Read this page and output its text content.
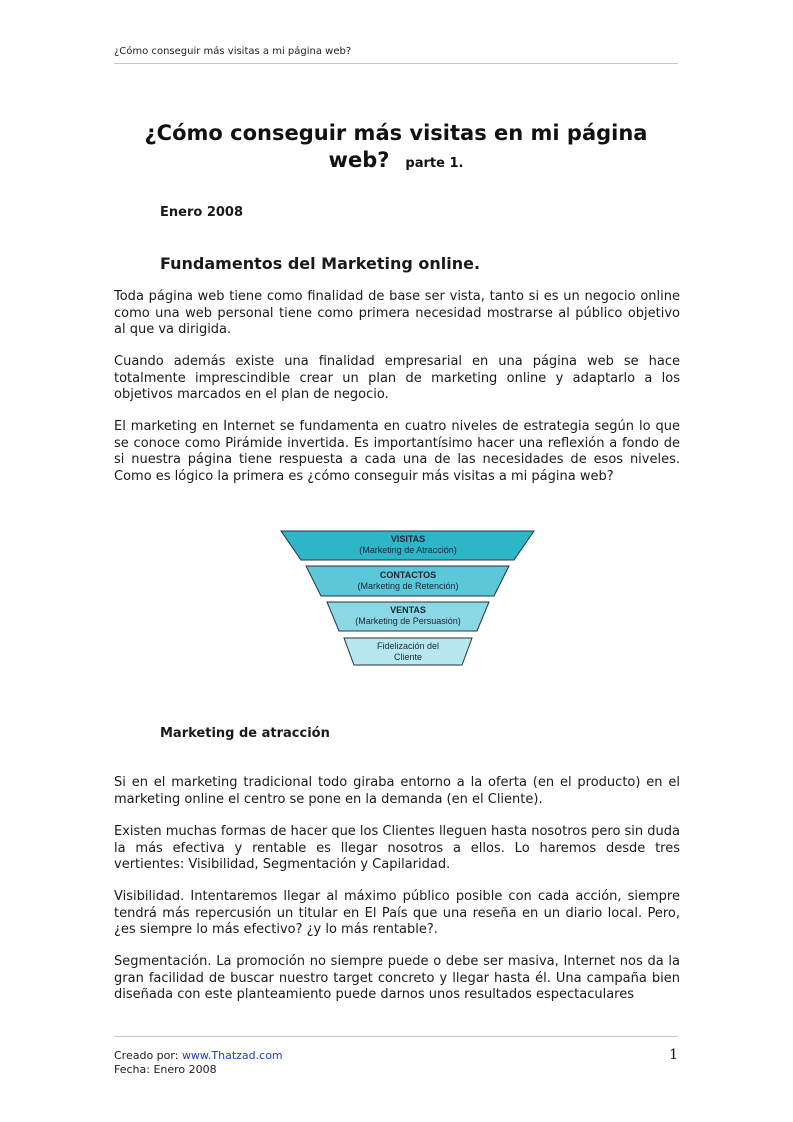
¿Cómo conseguir más visitas a mi página web?
¿Cómo conseguir más visitas en mi página
web? parte 1.
Enero 2008
Fundamentos del Marketing online.

Toda página web tiene como finalidad de base ser vista, tanto si es un negocio online como una web personal tiene como primera necesidad mostrarse al público objetivo al que va dirigida.

Cuando además existe una finalidad empresarial en una página web se hace totalmente imprescindible crear un plan de marketing online y adaptarlo a los objetivos marcados en el plan de negocio.

El marketing en Internet se fundamenta en cuatro niveles de estrategia según lo que se conoce como Pirámide invertida. Es importantísimo hacer una reflexión a fondo de si nuestra página tiene respuesta a cada una de las necesidades de esos niveles. Como es lógico la primera es ¿cómo conseguir más visitas a mi página web?

VISITAS
(Marketing de Atracción)
CONTACTOS
(Marketing de Retención)
VENTAS
(Marketing de Persuasión)
Fidelización del
Cliente
Marketing de atracción

Si en el marketing tradicional todo giraba entorno a la oferta (en el producto) en el marketing online el centro se pone en la demanda (en el Cliente).

Existen muchas formas de hacer que los Clientes lleguen hasta nosotros pero sin duda la más efectiva y rentable es llegar nosotros a ellos. Lo haremos desde tres vertientes: Visibilidad, Segmentación y Capilaridad.

Visibilidad. Intentaremos llegar al máximo público posible con cada acción, siempre tendrá más repercusión un titular en El País que una reseña en un diario local. Pero, ¿es siempre lo más efectivo? ¿y lo más rentable?.

Segmentación. La promoción no siempre puede o debe ser masiva, Internet nos da la gran facilidad de buscar nuestro target concreto y llegar hasta él. Una campaña bien diseñada con este planteamiento puede darnos unos resultados espectaculares

Creado por: www.Thatzad.com
Fecha: Enero 2008
1
